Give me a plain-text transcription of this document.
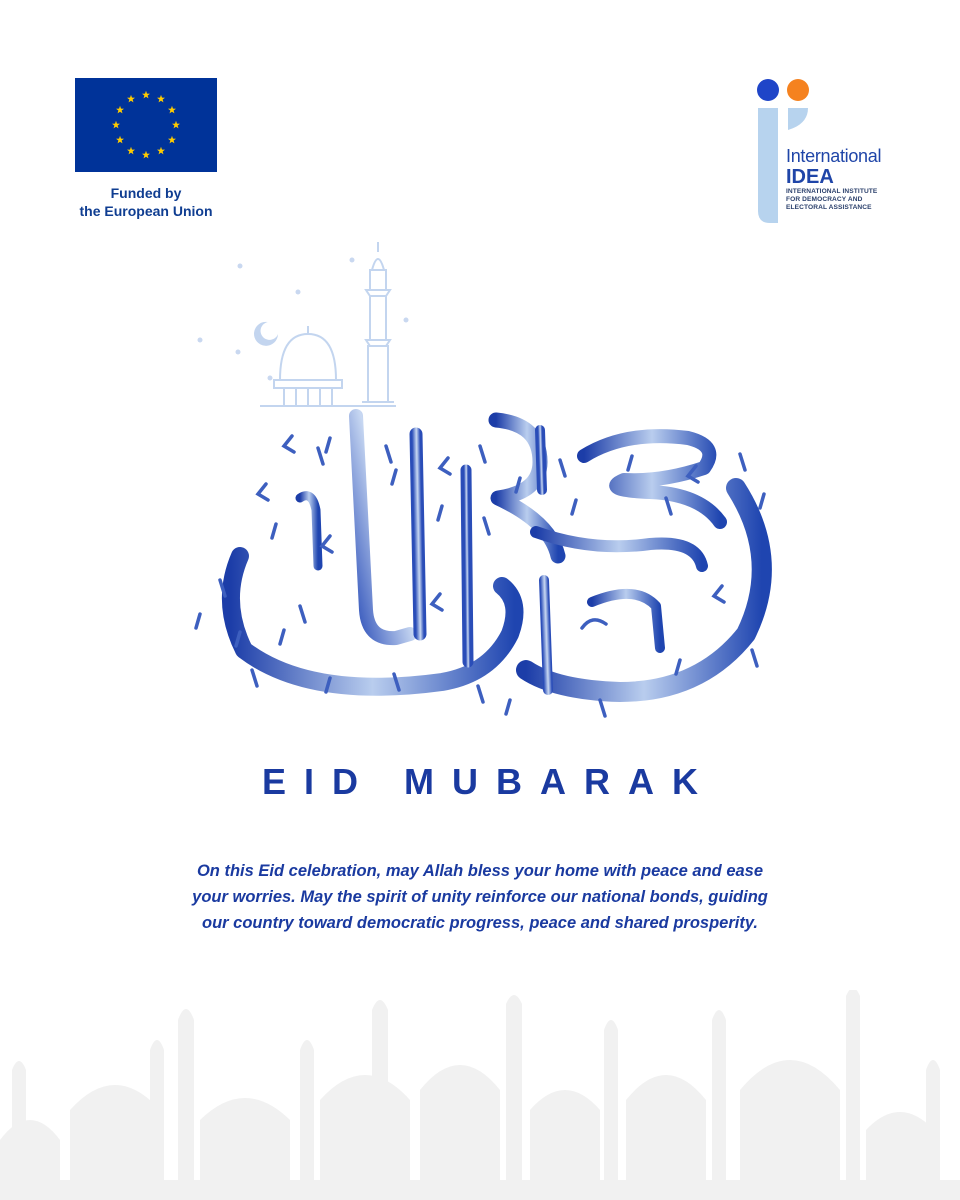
Funded by
the European Union
International
IDEA
INTERNATIONAL INSTITUTE
FOR DEMOCRACY AND
ELECTORAL ASSISTANCE
EID MUBARAK
On this Eid celebration, may Allah bless your home with peace and ease
your worries. May the spirit of unity reinforce our national bonds, guiding
our country toward democratic progress, peace and shared prosperity.
